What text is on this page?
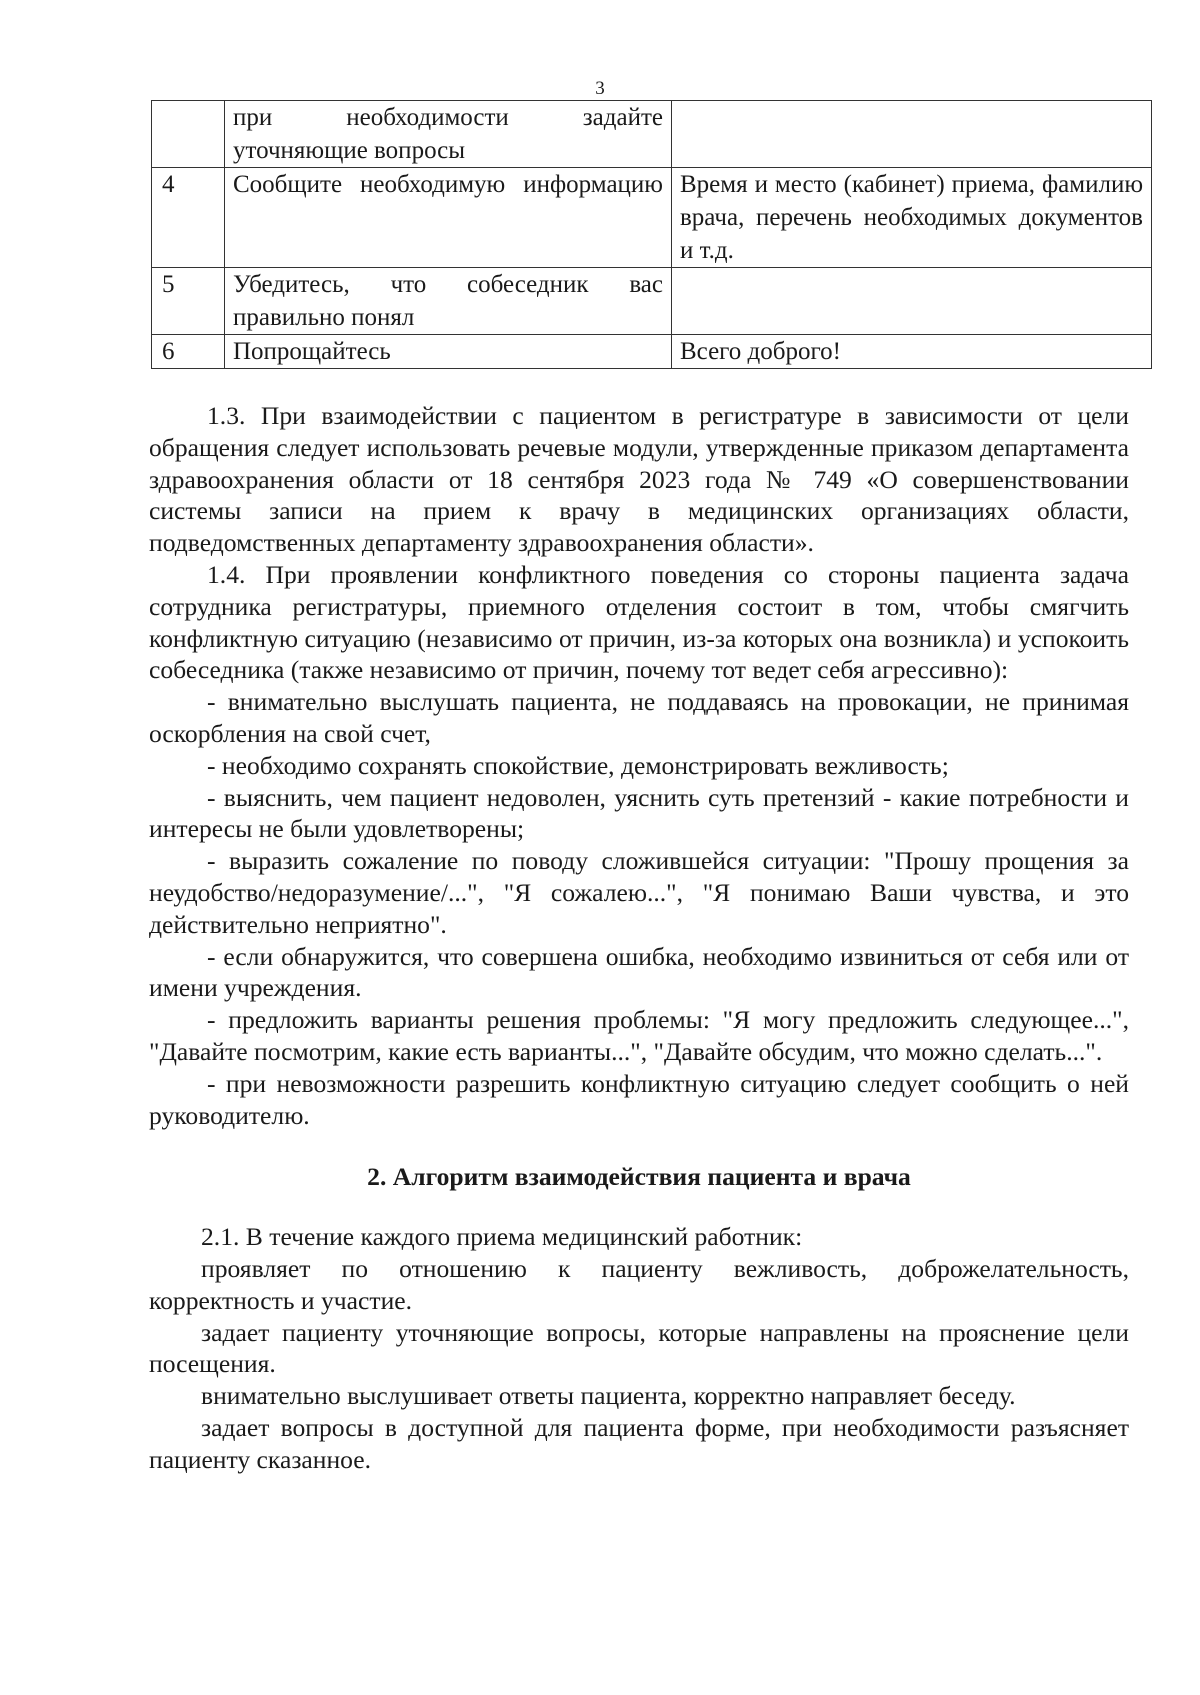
3
	при необходимости задайте уточняющие вопросы	
4	Сообщите необходимую информацию	Время и место (кабинет) приема, фамилию врача, перечень необходимых документов и т.д.
5	Убедитесь, что собеседник вас правильно понял	
6	Попрощайтесь	Всего доброго!

1.3. При взаимодействии с пациентом в регистратуре в зависимости от цели обращения следует использовать речевые модули, утвержденные приказом департамента здравоохранения области от 18 сентября 2023 года № 749 «О совершенствовании системы записи на прием к врачу в медицинских организациях области, подведомственных департаменту здравоохранения области».

1.4. При проявлении конфликтного поведения со стороны пациента задача сотрудника регистратуры, приемного отделения состоит в том, чтобы смягчить конфликтную ситуацию (независимо от причин, из-за которых она возникла) и успокоить собеседника (также независимо от причин, почему тот ведет себя агрессивно):

- внимательно выслушать пациента, не поддаваясь на провокации, не принимая оскорбления на свой счет,

- необходимо сохранять спокойствие, демонстрировать вежливость;

- выяснить, чем пациент недоволен, уяснить суть претензий - какие потребности и интересы не были удовлетворены;

- выразить сожаление по поводу сложившейся ситуации: "Прошу прощения за неудобство/недоразумение/...", "Я сожалею...", "Я понимаю Ваши чувства, и это действительно неприятно".

- если обнаружится, что совершена ошибка, необходимо извиниться от себя или от имени учреждения.

- предложить варианты решения проблемы: "Я могу предложить следующее...", "Давайте посмотрим, какие есть варианты...", "Давайте обсудим, что можно сделать...".

- при невозможности разрешить конфликтную ситуацию следует сообщить о ней руководителю.

2. Алгоритм взаимодействия пациента и врача

2.1. В течение каждого приема медицинский работник:

проявляет по отношению к пациенту вежливость, доброжелательность, корректность и участие.

задает пациенту уточняющие вопросы, которые направлены на прояснение цели посещения.

внимательно выслушивает ответы пациента, корректно направляет беседу.

задает вопросы в доступной для пациента форме, при необходимости разъясняет пациенту сказанное.
